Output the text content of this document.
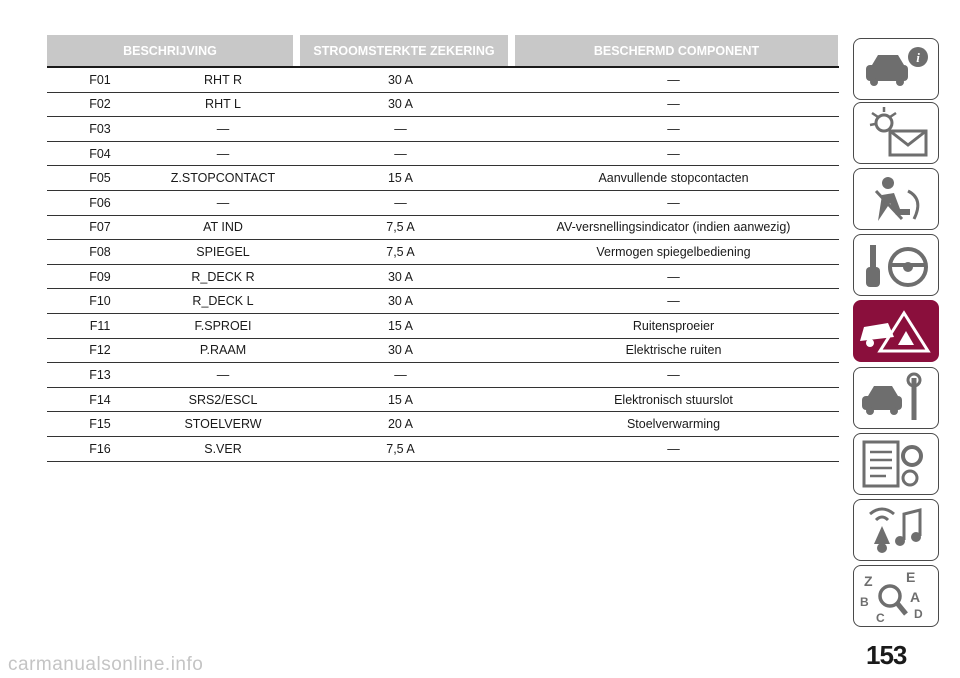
BESCHRIJVING	STROOMSTERKTE ZEKERING	BESCHERMD COMPONENT
F01	RHT R	30 A	—
F02	RHT L	30 A	—
F03	—	—	—
F04	—	—	—
F05	Z.STOPCONTACT	15 A	Aanvullende stopcontacten
F06	—	—	—
F07	AT IND	7,5 A	AV-versnellingsindicator (indien aanwezig)
F08	SPIEGEL	7,5 A	Vermogen spiegelbediening
F09	R_DECK R	30 A	—
F10	R_DECK L	30 A	—
F11	F.SPROEI	15 A	Ruitensproeier
F12	P.RAAM	30 A	Elektrische ruiten
F13	—	—	—
F14	SRS2/ESCL	15 A	Elektronisch stuurslot
F15	STOELVERW	20 A	Stoelverwarming
F16	S.VER	7,5 A	—
i
Z E
B	A
D
C
153
carmanualsonline.info
